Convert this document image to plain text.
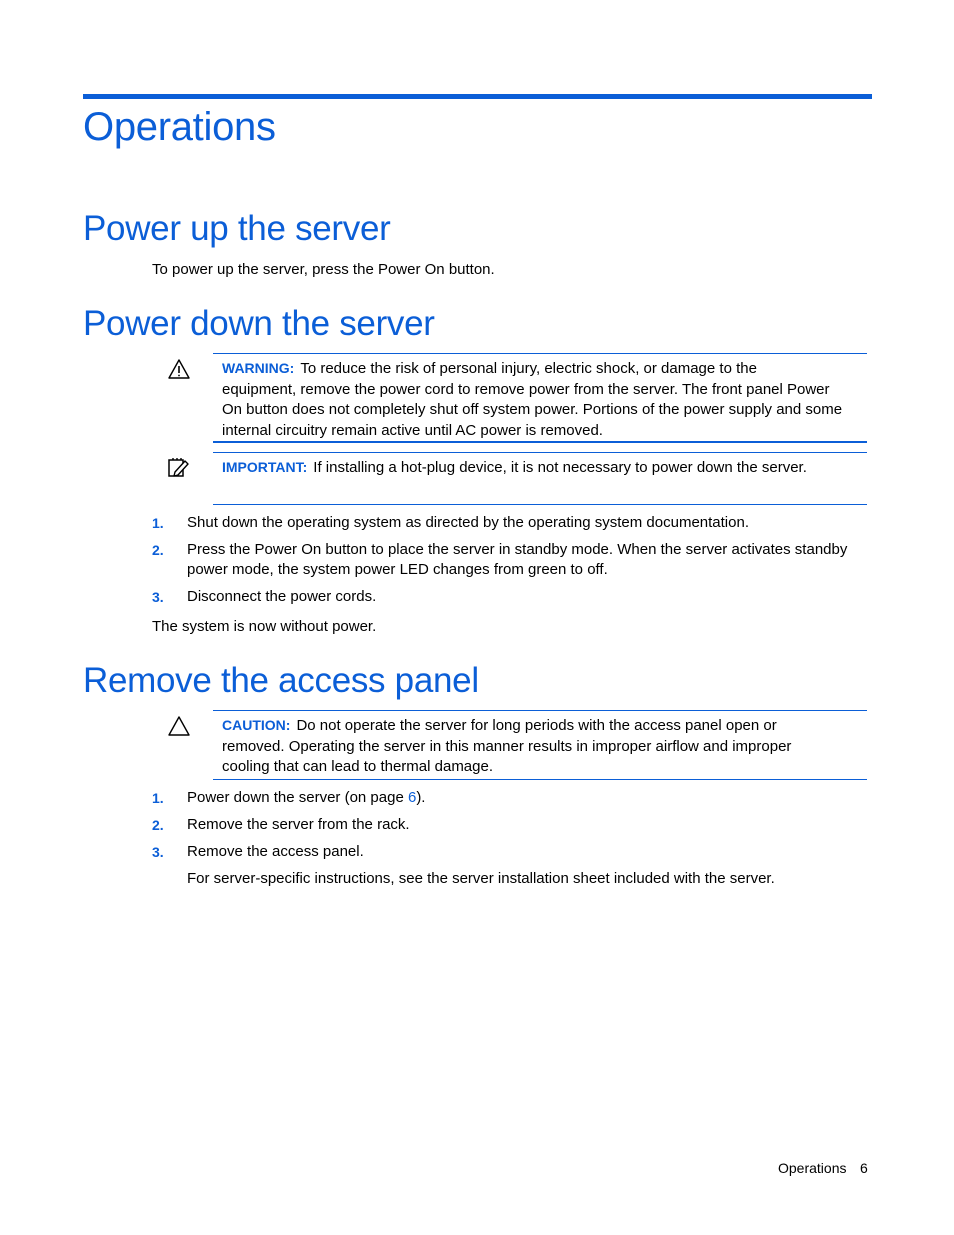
Operations
Power up the server
To power up the server, press the Power On button.
Power down the server
WARNING: To reduce the risk of personal injury, electric shock, or damage to the
equipment, remove the power cord to remove power from the server. The front panel Power
On button does not completely shut off system power. Portions of the power supply and some
internal circuitry remain active until AC power is removed.
IMPORTANT: If installing a hot-plug device, it is not necessary to power down the server.
1. Shut down the operating system as directed by the operating system documentation.
2. Press the Power On button to place the server in standby mode. When the server activates standby
power mode, the system power LED changes from green to off.
3. Disconnect the power cords.
The system is now without power.
Remove the access panel
CAUTION: Do not operate the server for long periods with the access panel open or
removed. Operating the server in this manner results in improper airflow and improper
cooling that can lead to thermal damage.
1. Power down the server (on page 6).
2. Remove the server from the rack.
3. Remove the access panel.
For server-specific instructions, see the server installation sheet included with the server.
Operations 6
